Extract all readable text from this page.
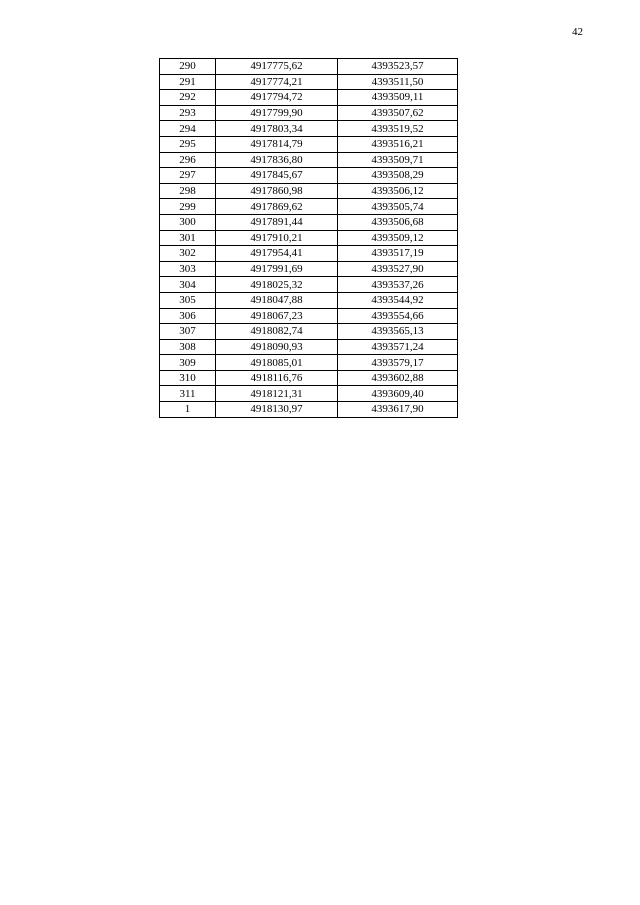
42
290	4917775,62	4393523,57
291	4917774,21	4393511,50
292	4917794,72	4393509,11
293	4917799,90	4393507,62
294	4917803,34	4393519,52
295	4917814,79	4393516,21
296	4917836,80	4393509,71
297	4917845,67	4393508,29
298	4917860,98	4393506,12
299	4917869,62	4393505,74
300	4917891,44	4393506,68
301	4917910,21	4393509,12
302	4917954,41	4393517,19
303	4917991,69	4393527,90
304	4918025,32	4393537,26
305	4918047,88	4393544,92
306	4918067,23	4393554,66
307	4918082,74	4393565,13
308	4918090,93	4393571,24
309	4918085,01	4393579,17
310	4918116,76	4393602,88
311	4918121,31	4393609,40
1	4918130,97	4393617,90
